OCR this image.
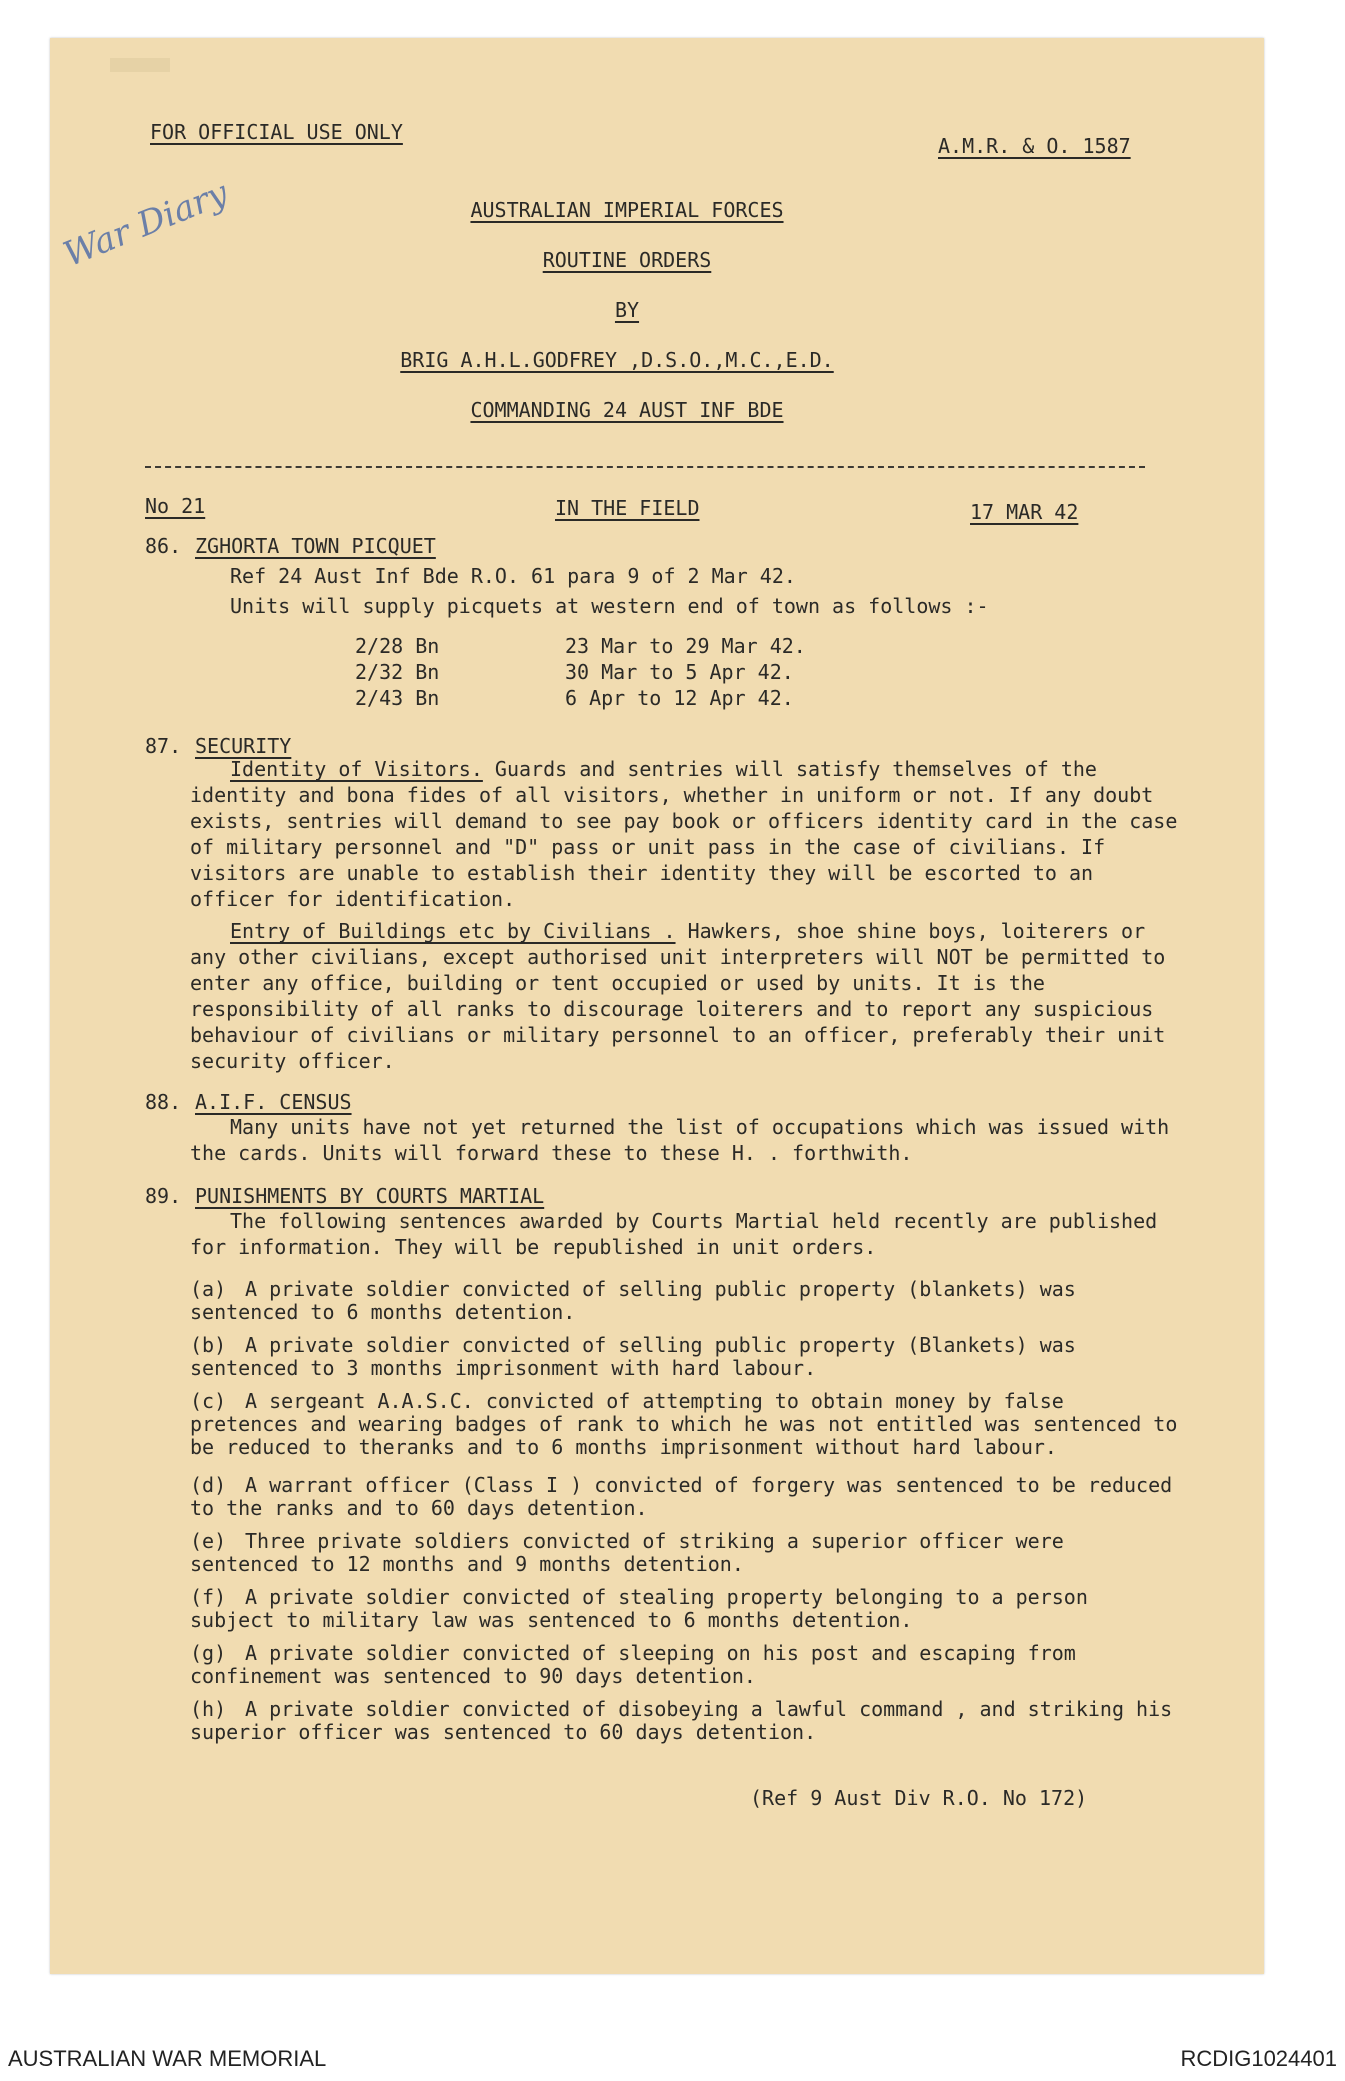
FOR OFFICIAL USE ONLY
War Diary
A.M.R. & O. 1587
AUSTRALIAN IMPERIAL FORCES
ROUTINE ORDERS
BY
BRIG A.H.L.GODFREY ,D.S.O.,M.C.,E.D.
COMMANDING 24 AUST INF BDE
No 21	IN THE FIELD	17 MAR 42
86. ZGHORTA TOWN PICQUET
Ref 24 Aust Inf Bde R.O. 61 para 9 of 2 Mar 42.
Units will supply picquets at western end of town as follows :-
2/28 Bn	23 Mar to 29 Mar 42.
2/32 Bn	30 Mar to 5 Apr 42.
2/43 Bn	6 Apr to 12 Apr 42.
87. SECURITY
Identity of Visitors. Guards and sentries will satisfy themselves of the identity and bona fides of all visitors, whether in uniform or not. If any doubt exists, sentries will demand to see pay book or officers identity card in the case of military personnel and "D" pass or unit pass in the case of civilians. If visitors are unable to establish their identity they will be escorted to an officer for identification.
Entry of Buildings etc by Civilians . Hawkers, shoe shine boys, loiterers or any other civilians, except authorised unit interpreters will NOT be permitted to enter any office, building or tent occupied or used by units. It is the responsibility of all ranks to discourage loiterers and to report any suspicious behaviour of civilians or military personnel to an officer, preferably their unit security officer.
88. A.I.F. CENSUS
Many units have not yet returned the list of occupations which was issued with the cards. Units will forward these to these H. . forthwith.
89. PUNISHMENTS BY COURTS MARTIAL
The following sentences awarded by Courts Martial held recently are published for information. They will be republished in unit orders.
(a) A private soldier convicted of selling public property (blankets) was sentenced to 6 months detention.
(b) A private soldier convicted of selling public property (Blankets) was sentenced to 3 months imprisonment with hard labour.
(c) A sergeant A.A.S.C. convicted of attempting to obtain money by false pretences and wearing badges of rank to which he was not entitled was sentenced to be reduced to theranks and to 6 months imprisonment without hard labour.
(d) A warrant officer (Class I ) convicted of forgery was sentenced to be reduced to the ranks and to 60 days detention.
(e) Three private soldiers convicted of striking a superior officer were sentenced to 12 months and 9 months detention.
(f) A private soldier convicted of stealing property belonging to a person subject to military law was sentenced to 6 months detention.
(g) A private soldier convicted of sleeping on his post and escaping from confinement was sentenced to 90 days detention.
(h) A private soldier convicted of disobeying a lawful command , and striking his superior officer was sentenced to 60 days detention.
(Ref 9 Aust Div R.O. No 172)
AUSTRALIAN WAR MEMORIAL	RCDIG1024401
